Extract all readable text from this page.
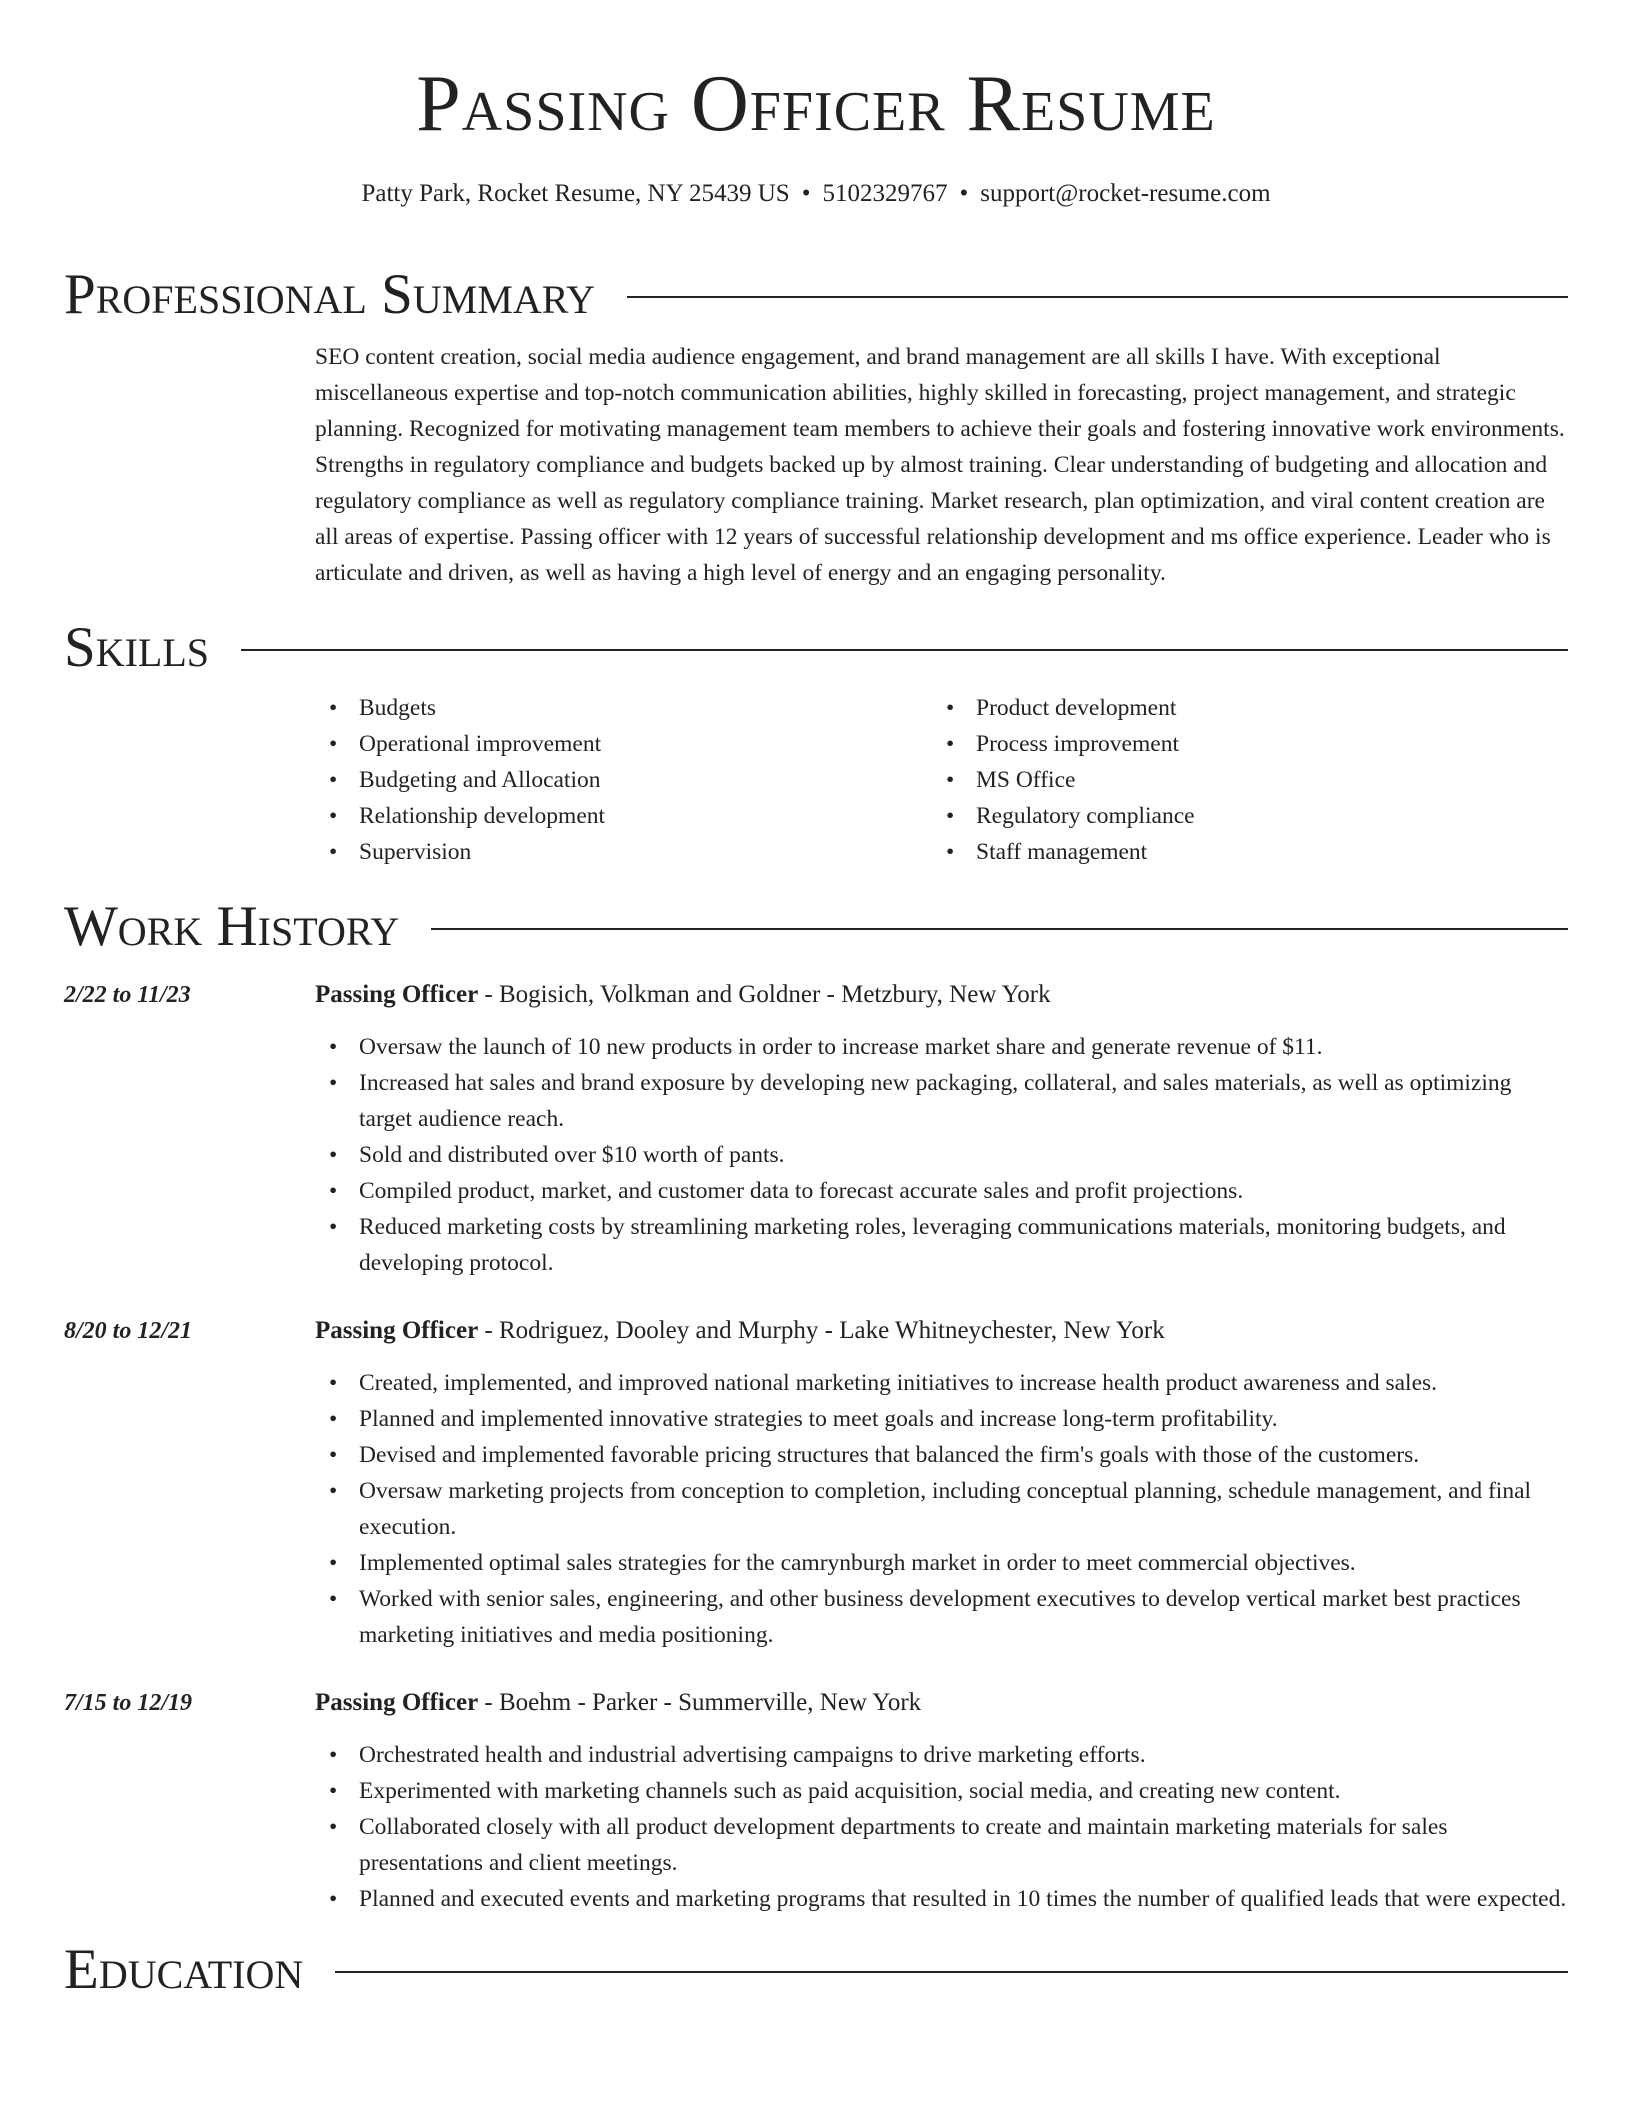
Passing Officer Resume
Patty Park, Rocket Resume, NY 25439 US • 5102329767 • support@rocket-resume.com
Professional Summary
SEO content creation, social media audience engagement, and brand management are all skills I have. With exceptional miscellaneous expertise and top-notch communication abilities, highly skilled in forecasting, project management, and strategic planning. Recognized for motivating management team members to achieve their goals and fostering innovative work environments. Strengths in regulatory compliance and budgets backed up by almost training. Clear understanding of budgeting and allocation and regulatory compliance as well as regulatory compliance training. Market research, plan optimization, and viral content creation are all areas of expertise. Passing officer with 12 years of successful relationship development and ms office experience. Leader who is articulate and driven, as well as having a high level of energy and an engaging personality.
Skills
• Budgets
• Operational improvement
• Budgeting and Allocation
• Relationship development
• Supervision
• Product development
• Process improvement
• MS Office
• Regulatory compliance
• Staff management
Work History
2/22 to 11/23	Passing Officer - Bogisich, Volkman and Goldner - Metzbury, New York
• Oversaw the launch of 10 new products in order to increase market share and generate revenue of $11.
• Increased hat sales and brand exposure by developing new packaging, collateral, and sales materials, as well as optimizing target audience reach.
• Sold and distributed over $10 worth of pants.
• Compiled product, market, and customer data to forecast accurate sales and profit projections.
• Reduced marketing costs by streamlining marketing roles, leveraging communications materials, monitoring budgets, and developing protocol.
8/20 to 12/21	Passing Officer - Rodriguez, Dooley and Murphy - Lake Whitneychester, New York
• Created, implemented, and improved national marketing initiatives to increase health product awareness and sales.
• Planned and implemented innovative strategies to meet goals and increase long-term profitability.
• Devised and implemented favorable pricing structures that balanced the firm's goals with those of the customers.
• Oversaw marketing projects from conception to completion, including conceptual planning, schedule management, and final execution.
• Implemented optimal sales strategies for the camrynburgh market in order to meet commercial objectives.
• Worked with senior sales, engineering, and other business development executives to develop vertical market best practices marketing initiatives and media positioning.
7/15 to 12/19	Passing Officer - Boehm - Parker - Summerville, New York
• Orchestrated health and industrial advertising campaigns to drive marketing efforts.
• Experimented with marketing channels such as paid acquisition, social media, and creating new content.
• Collaborated closely with all product development departments to create and maintain marketing materials for sales presentations and client meetings.
• Planned and executed events and marketing programs that resulted in 10 times the number of qualified leads that were expected.
Education
